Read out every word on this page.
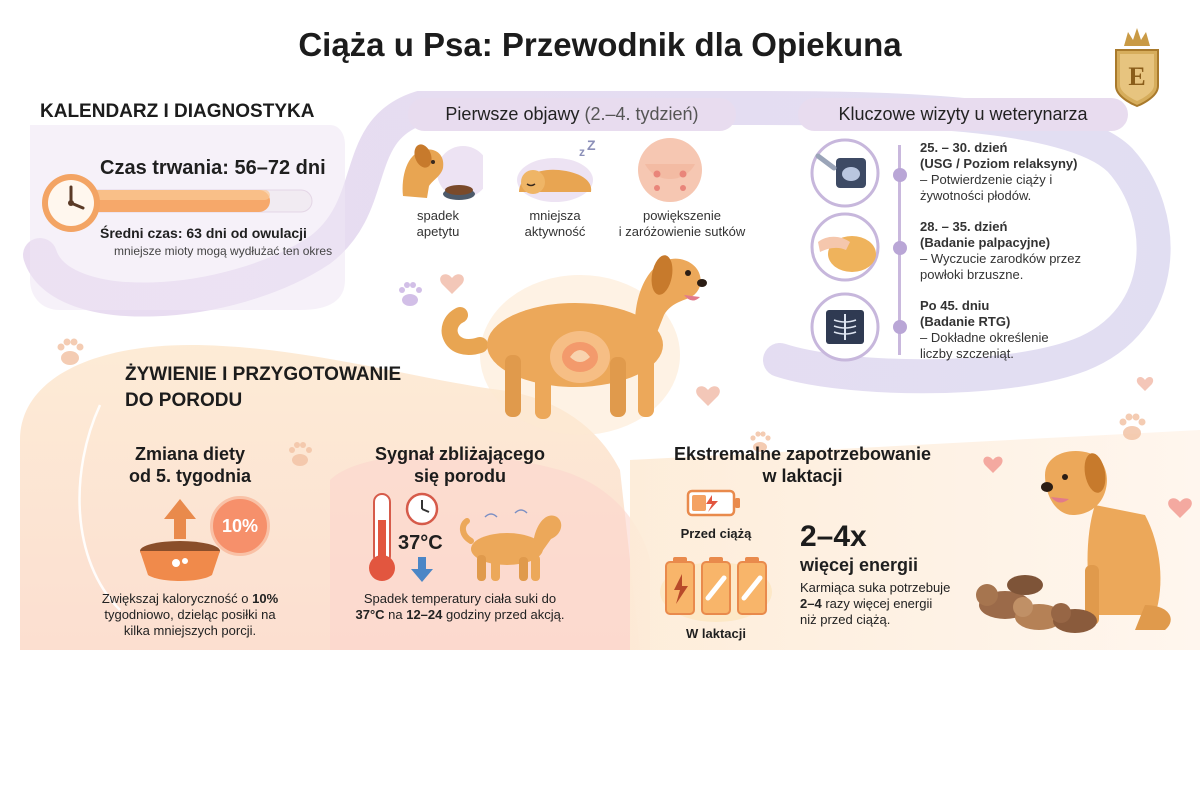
Ciąża u Psa: Przewodnik dla Opiekuna
E
KALENDARZ I DIAGNOSTYKA
Czas trwania: 56–72 dni
Średni czas: 63 dni od owulacji
mniejsze mioty mogą wydłużać ten okres
Pierwsze objawy (2.–4. tydzień)
spadek
apetytu
z Z
mniejsza
aktywność
powiększenie
i zaróżowienie sutków
Kluczowe wizyty u weterynarza
25. – 30. dzień
(USG / Poziom relaksyny)
– Potwierdzenie ciąży i
żywotności płodów.
28. – 35. dzień
(Badanie palpacyjne)
– Wyczucie zarodków przez
powłoki brzuszne.
Po 45. dniu
(Badanie RTG)
– Dokładne określenie
liczby szczeniąt.
ŻYWIENIE I PRZYGOTOWANIE
DO PORODU
Zmiana diety
od 5. tygodnia
10%
Zwiększaj kaloryczność o 10%
tygodniowo, dzieląc posiłki na
kilka mniejszych porcji.
Sygnał zbliżającego
się porodu
37°C
Spadek temperatury ciała suki do
37°C na 12–24 godziny przed akcją.
Ekstremalne zapotrzebowanie
w laktacji
Przed ciążą
W laktacji
2–4x
więcej energii
Karmiąca suka potrzebuje
2–4 razy więcej energii
niż przed ciążą.
